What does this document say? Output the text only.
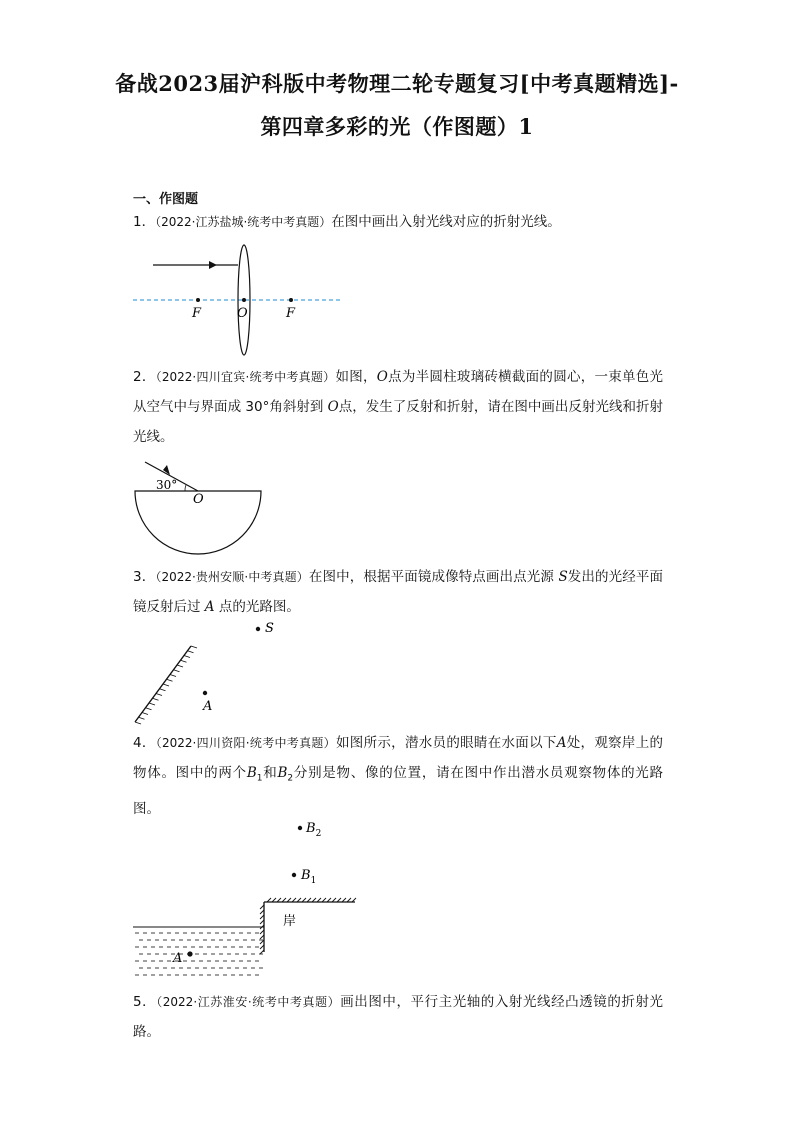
备战2023届沪科版中考物理二轮专题复习[中考真题精选]-
第四章多彩的光（作图题）1
一、作图题
1．（2022·江苏盐城·统考中考真题）在图中画出入射光线对应的折射光线。
F	O	F
2．（2022·四川宜宾·统考中考真题）如图，O点为半圆柱玻璃砖横截面的圆心，一束单色光从空气中与界面成 30°角斜射到 O点，发生了反射和折射，请在图中画出反射光线和折射光线。
30°
O
3．（2022·贵州安顺·中考真题）在图中，根据平面镜成像特点画出点光源 S发出的光经平面镜反射后过 A 点的光路图。
S
A
4．（2022·四川资阳·统考中考真题）如图所示，潜水员的眼睛在水面以下A处，观察岸上的物体。图中的两个$B_1$和$B_2$分别是物、像的位置，请在图中作出潜水员观察物体的光路图。
$B_2$
$B_1$
岸
A
5．（2022·江苏淮安·统考中考真题）画出图中，平行主光轴的入射光线经凸透镜的折射光路。
